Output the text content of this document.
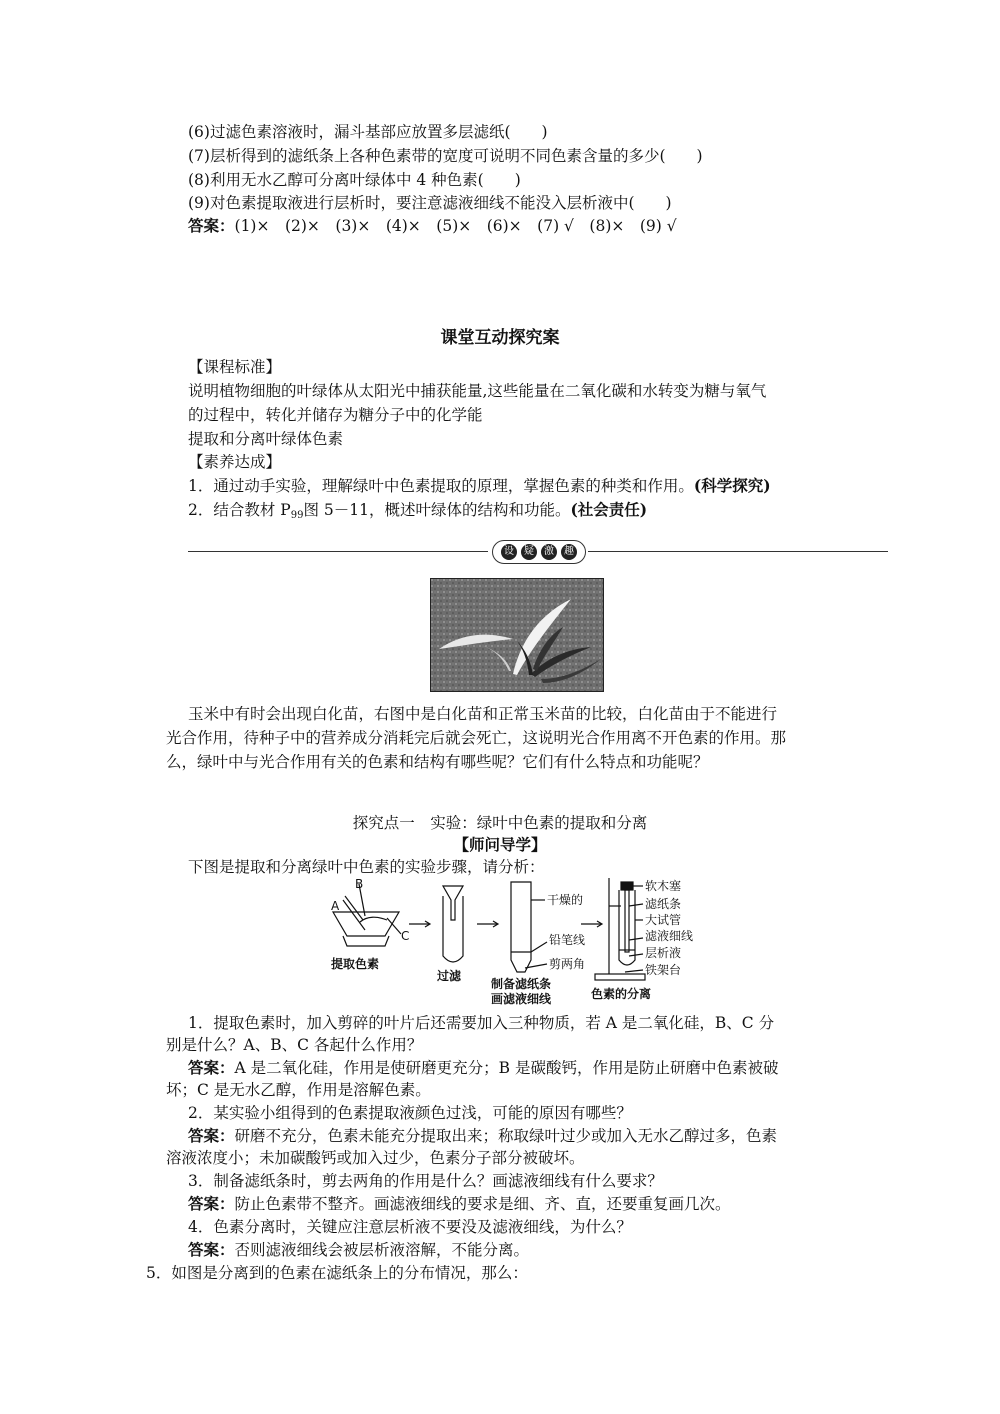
(6)过滤色素溶液时，漏斗基部应放置多层滤纸(　　)
(7)层析得到的滤纸条上各种色素带的宽度可说明不同色素含量的多少(　　)
(8)利用无水乙醇可分离叶绿体中 4 种色素(　　)
(9)对色素提取液进行层析时，要注意滤液细线不能没入层析液中(　　)
答案：(1)×　(2)×　(3)×　(4)×　(5)×　(6)×　(7) √　(8)×　(9) √
课堂互动探究案
【课程标准】
说明植物细胞的叶绿体从太阳光中捕获能量,这些能量在二氧化碳和水转变为糖与氧气
的过程中，转化并储存为糖分子中的化学能
提取和分离叶绿体色素
【素养达成】
1．通过动手实验，理解绿叶中色素提取的原理，掌握色素的种类和作用。(科学探究)
2．结合教材 $P_{99}$图 5－11，概述叶绿体的结构和功能。(社会责任)
设	疑	激	趣
玉米中有时会出现白化苗，右图中是白化苗和正常玉米苗的比较，白化苗由于不能进行
光合作用，待种子中的营养成分消耗完后就会死亡，这说明光合作用离不开色素的作用。那
么，绿叶中与光合作用有关的色素和结构有哪些呢？它们有什么特点和功能呢？
探究点一　实验：绿叶中色素的提取和分离
【师问导学】
下图是提取和分离绿叶中色素的实验步骤，请分析：
A
B
C
提取色素
过滤
制备滤纸条
画滤液细线	色素的分离
干燥的
铅笔线
剪两角
软木塞
滤纸条
大试管
滤液细线
层析液
铁架台
1．提取色素时，加入剪碎的叶片后还需要加入三种物质，若 A 是二氧化硅，B、C 分
别是什么？A、B、C 各起什么作用？
答案：A 是二氧化硅，作用是使研磨更充分；B 是碳酸钙，作用是防止研磨中色素被破
坏；C 是无水乙醇，作用是溶解色素。
2．某实验小组得到的色素提取液颜色过浅，可能的原因有哪些？
答案：研磨不充分，色素未能充分提取出来；称取绿叶过少或加入无水乙醇过多，色素
溶液浓度小；未加碳酸钙或加入过少，色素分子部分被破坏。
3．制备滤纸条时，剪去两角的作用是什么？画滤液细线有什么要求？
答案：防止色素带不整齐。画滤液细线的要求是细、齐、直，还要重复画几次。
4．色素分离时，关键应注意层析液不要没及滤液细线，为什么？
答案：否则滤液细线会被层析液溶解，不能分离。
5．如图是分离到的色素在滤纸条上的分布情况，那么：
